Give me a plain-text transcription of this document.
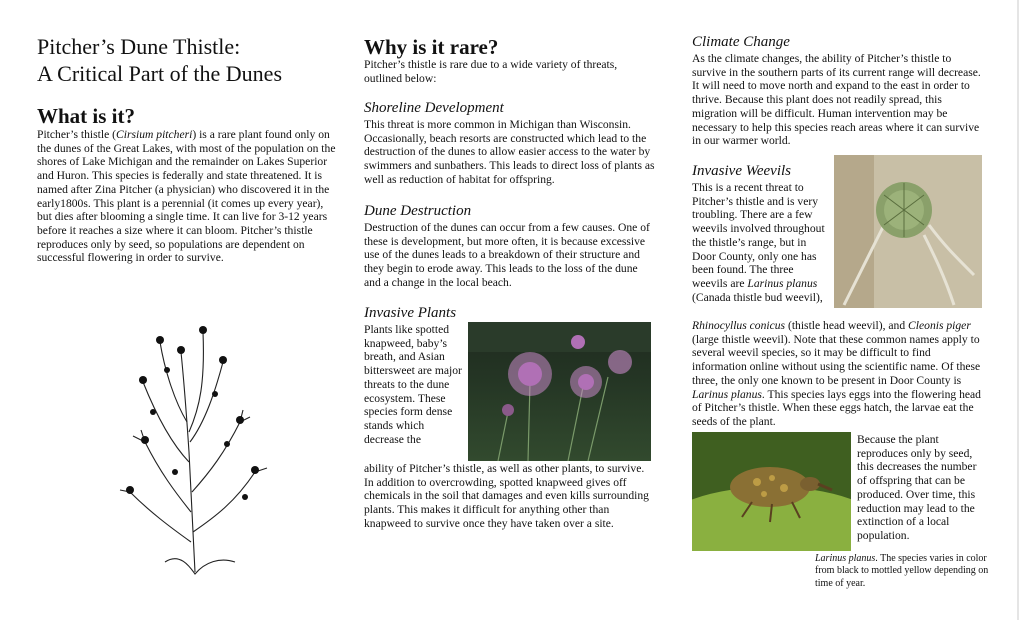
Pitcher’s Dune Thistle:
A Critical Part of the Dunes
What is it?

Pitcher’s thistle (Cirsium pitcheri) is a rare plant found only on the dunes of the Great Lakes, with most of the population on the shores of Lake Michigan and the remainder on Lakes Superior and Huron. This species is federally and state threatened. It is named after Zina Pitcher (a physician) who discovered it in the early1800s. This plant is a perennial (it comes up every year), but dies after blooming a single time. It can live for 3-12 years before it reaches a size where it can bloom. Pitcher’s thistle reproduces only by seed, so populations are dependent on successful flowering in order to survive.

Why is it rare?

Pitcher’s thistle is rare due to a wide variety of threats, outlined below:

Shoreline Development

This threat is more common in Michigan than Wisconsin. Occasionally, beach resorts are constructed which lead to the destruction of the dunes to allow easier access to the water by swimmers and sunbathers. This leads to direct loss of plants as well as reduction of habitat for offspring.

Dune Destruction

Destruction of the dunes can occur from a few causes. One of these is development, but more often, it is because excessive use of the dunes leads to a breakdown of their structure and they begin to erode away. This leads to the loss of the dune and a change in the local beach.

Invasive Plants

Plants like spotted knapweed, baby’s breath, and Asian bittersweet are major threats to the dune ecosystem. These species form dense stands which decrease the

ability of Pitcher’s thistle, as well as other plants, to survive. In addition to overcrowding, spotted knapweed gives off chemicals in the soil that damages and even kills surrounding plants. This makes it difficult for anything other than knapweed to survive once they have taken over a site.

Climate Change

As the climate changes, the ability of Pitcher’s thistle to survive in the southern parts of its current range will decrease. It will need to move north and expand to the east in order to thrive. Because this plant does not readily spread, this migration will be difficult. Human intervention may be necessary to help this species reach areas where it can survive in our warmer world.

Invasive Weevils

This is a recent threat to Pitcher’s thistle and is very troubling. There are a few weevils involved throughout the thistle’s range, but in Door County, only one has been found. The three weevils are Larinus planus (Canada thistle bud weevil),

Rhinocyllus conicus (thistle head weevil), and Cleonis piger (large thistle weevil). Note that these common names apply to several weevil species, so it may be difficult to find information online without using the scientific name. Of these three, the only one known to be present in Door County is Larinus planus. This species lays eggs into the flowering head of Pitcher’s thistle. When these eggs hatch, the larvae eat the seeds of the plant.

Because the plant reproduces only by seed, this decreases the number of offspring that can be produced. Over time, this reduction may lead to the extinction of a local population.

Larinus planus. The species varies in color from black to mottled yellow depending on time of year.
